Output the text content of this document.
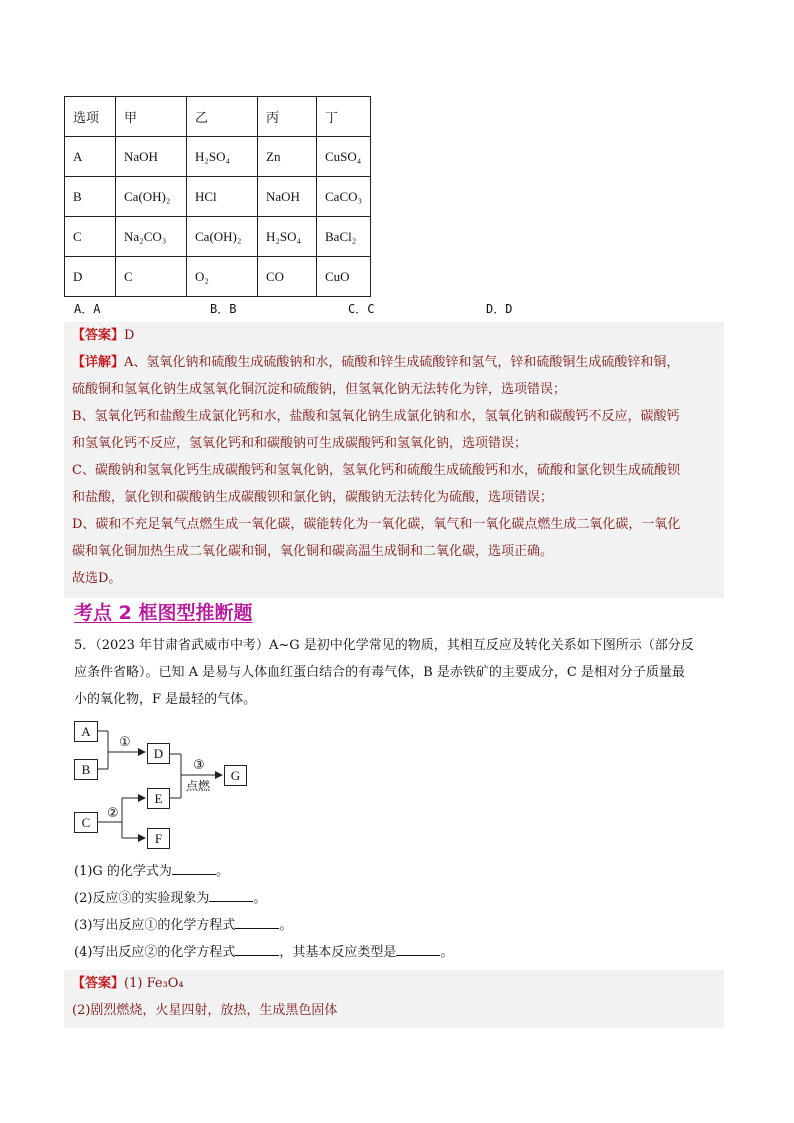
选项	甲	乙	丙	丁
A	NaOH	H₂SO₄	Zn	CuSO₄
B	Ca(OH)₂	HCl	NaOH	CaCO₃
C	Na₂CO₃	Ca(OH)₂	H₂SO₄	BaCl₂
D	C	O₂	CO	CuO
A．A	B．B	C．C	D．D
【答案】D
【详解】A、氢氧化钠和硫酸生成硫酸钠和水，硫酸和锌生成硫酸锌和氢气，锌和硫酸铜生成硫酸锌和铜，
硫酸铜和氢氧化钠生成氢氧化铜沉淀和硫酸钠，但氢氧化钠无法转化为锌，选项错误；
B、氢氧化钙和盐酸生成氯化钙和水，盐酸和氢氧化钠生成氯化钠和水，氢氧化钠和碳酸钙不反应，碳酸钙
和氢氧化钙不反应，氢氧化钙和和碳酸钠可生成碳酸钙和氢氧化钠，选项错误；
C、碳酸钠和氢氧化钙生成碳酸钙和氢氧化钠，氢氧化钙和硫酸生成硫酸钙和水，硫酸和氯化钡生成硫酸钡
和盐酸，氯化钡和碳酸钠生成碳酸钡和氯化钠，碳酸钠无法转化为硫酸，选项错误；
D、碳和不充足氧气点燃生成一氧化碳，碳能转化为一氧化碳，氧气和一氧化碳点燃生成二氧化碳，一氧化
碳和氧化铜加热生成二氧化碳和铜，氧化铜和碳高温生成铜和二氧化碳，选项正确。
故选D。
考点 2 框图型推断题
5．（2023 年甘肃省武威市中考）A~G 是初中化学常见的物质，其相互反应及转化关系如下图所示（部分反
应条件省略）。已知 A 是易与人体血红蛋白结合的有毒气体，B 是赤铁矿的主要成分，C 是相对分子质量最
小的氧化物，F 是最轻的气体。
A
B
C
D
E
F
G
①
②
③
点燃
(1)G 的化学式为	。
(2)反应③的实验现象为	。
(3)写出反应①的化学方程式	。
(4)写出反应②的化学方程式	，其基本反应类型是	。
【答案】(1) Fe₃O₄
(2)剧烈燃烧，火星四射，放热，生成黑色固体
